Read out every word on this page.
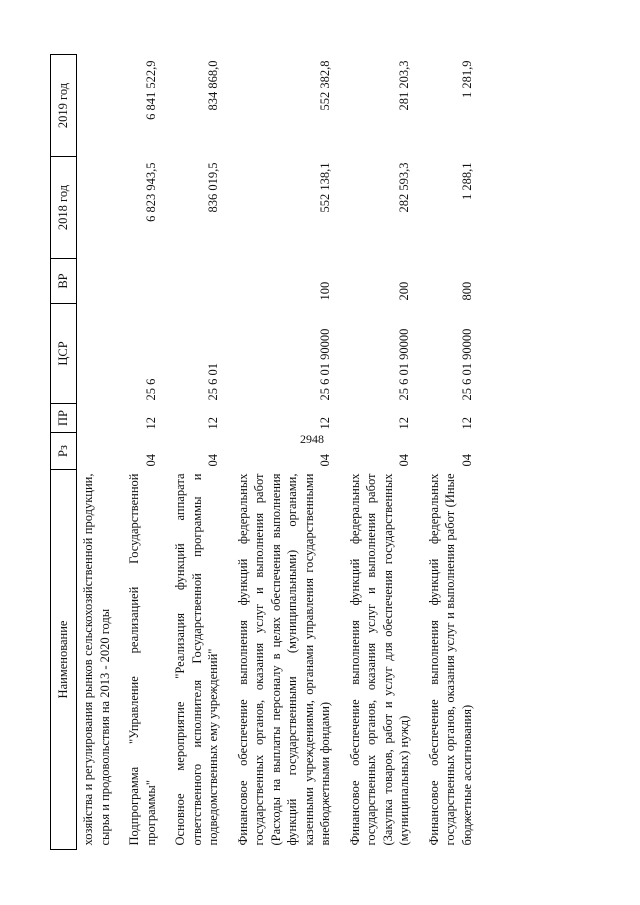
2948
Наименование	Рз	ПР	ЦСР	ВР	2018 год	2019 год
хозяйства и регулирования рынков сельскохозяйственной продукции, сырья и продовольствия на 2013 - 2020 годы						
Подпрограмма "Управление реализацией Государственной программы"	04	12	25 6		6 823 943,5	6 841 522,9
Основное мероприятие "Реализация функций аппарата ответственного исполнителя Государственной программы и подведомственных ему учреждений"	04	12	25 6 01		836 019,5	834 868,0
Финансовое обеспечение выполнения функций федеральных государственных органов, оказания услуг и выполнения работ (Расходы на выплаты персоналу в целях обеспечения выполнения функций государственными (муниципальными) органами, казенными учреждениями, органами управления государственными внебюджетными фондами)	04	12	25 6 01 90000	100	552 138,1	552 382,8
Финансовое обеспечение выполнения функций федеральных государственных органов, оказания услуг и выполнения работ (Закупка товаров, работ и услуг для обеспечения государственных (муниципальных) нужд)	04	12	25 6 01 90000	200	282 593,3	281 203,3
Финансовое обеспечение выполнения функций федеральных государственных органов, оказания услуг и выполнения работ (Иные бюджетные ассигнования)	04	12	25 6 01 90000	800	1 288,1	1 281,9
